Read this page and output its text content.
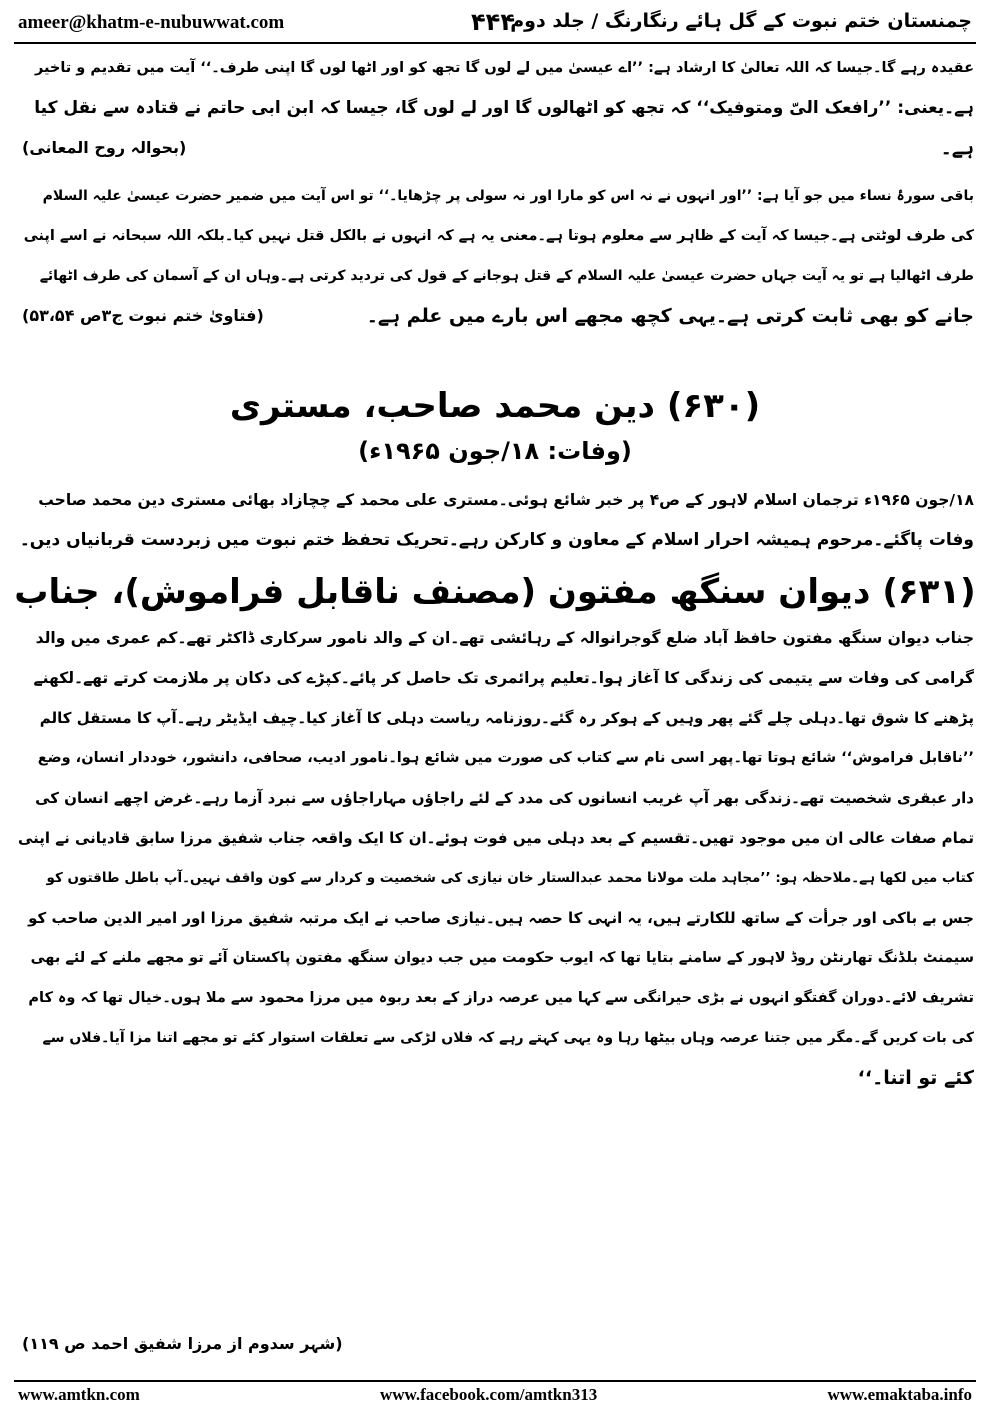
ameer@khatm-e-nubuwwat.com	۴۴۴
چمنستان ختم نبوت کے گل ہائے رنگارنگ / جلد دوم
عقیدہ رہے گا۔جیسا کہ اللہ تعالیٰ کا ارشاد ہے: ’’اے عیسیٰ میں لے لوں گا تجھ کو اور اٹھا لوں گا اپنی طرف۔‘‘ آیت میں تقدیم و تاخیر
ہے۔یعنی: ’’رافعک الیّ ومتوفیک‘‘ کہ تجھ کو اٹھالوں گا اور لے لوں گا، جیسا کہ ابن ابی حاتم نے قتادہ سے نقل کیا
ہے۔
(بحوالہ روح المعانی)
باقی سورۂ نساء میں جو آیا ہے: ’’اور انہوں نے نہ اس کو مارا اور نہ سولی پر چڑھایا۔‘‘ تو اس آیت میں ضمیر حضرت عیسیٰ علیہ السلام
کی طرف لوٹتی ہے۔جیسا کہ آیت کے ظاہر سے معلوم ہوتا ہے۔معنی یہ ہے کہ انہوں نے بالکل قتل نہیں کیا۔بلکہ اللہ سبحانہ نے اسے اپنی
طرف اٹھالیا ہے تو یہ آیت جہاں حضرت عیسیٰ علیہ السلام کے قتل ہوجانے کے قول کی تردید کرتی ہے۔وہاں ان کے آسمان کی طرف اٹھائے
جانے کو بھی ثابت کرتی ہے۔یہی کچھ مجھے اس بارے میں علم ہے۔
(فتاویٰ ختم نبوت ج۳ص ۵۳،۵۴)
(۶۳۰) دین محمد صاحب، مستری
(وفات: ۱۸/جون ۱۹۶۵ء)
۱۸/جون ۱۹۶۵ء ترجمان اسلام لاہور کے ص۴ پر خبر شائع ہوئی۔مستری علی محمد کے چچازاد بھائی مستری دین محمد صاحب
وفات پاگئے۔مرحوم ہمیشہ احرار اسلام کے معاون و کارکن رہے۔تحریک تحفظ ختم نبوت میں زبردست قربانیاں دیں۔
(۶۳۱) دیوان سنگھ مفتون (مصنف ناقابل فراموش)، جناب
جناب دیوان سنگھ مفتون حافظ آباد ضلع گوجرانوالہ کے رہائشی تھے۔ان کے والد نامور سرکاری ڈاکٹر تھے۔کم عمری میں والد
گرامی کی وفات سے یتیمی کی زندگی کا آغاز ہوا۔تعلیم پرائمری تک حاصل کر پائے۔کپڑے کی دکان پر ملازمت کرتے تھے۔لکھنے
پڑھنے کا شوق تھا۔دہلی چلے گئے پھر وہیں کے ہوکر رہ گئے۔روزنامہ ریاست دہلی کا آغاز کیا۔چیف ایڈیٹر رہے۔آپ کا مستقل کالم
’’ناقابل فراموش‘‘ شائع ہوتا تھا۔پھر اسی نام سے کتاب کی صورت میں شائع ہوا۔نامور ادیب، صحافی، دانشور، خوددار انسان، وضع
دار عبقری شخصیت تھے۔زندگی بھر آپ غریب انسانوں کی مدد کے لئے راجاؤں مہاراجاؤں سے نبرد آزما رہے۔غرض اچھے انسان کی
تمام صفات عالی ان میں موجود تھیں۔تقسیم کے بعد دہلی میں فوت ہوئے۔ان کا ایک واقعہ جناب شفیق مرزا سابق قادیانی نے اپنی
کتاب میں لکھا ہے۔ملاحظہ ہو: ’’مجاہد ملت مولانا محمد عبدالستار خان نیازی کی شخصیت و کردار سے کون واقف نہیں۔آپ باطل طاقتوں کو
جس بے باکی اور جرأت کے ساتھ للکارتے ہیں، یہ انہی کا حصہ ہیں۔نیازی صاحب نے ایک مرتبہ شفیق مرزا اور امیر الدین صاحب کو
سیمنٹ بلڈنگ تھارنٹن روڈ لاہور کے سامنے بتایا تھا کہ ایوب حکومت میں جب دیوان سنگھ مفتون پاکستان آئے تو مجھے ملنے کے لئے بھی
تشریف لائے۔دوران گفتگو انہوں نے بڑی حیرانگی سے کہا میں عرصہ دراز کے بعد ربوہ میں مرزا محمود سے ملا ہوں۔خیال تھا کہ وہ کام
کی بات کریں گے۔مگر میں جتنا عرصہ وہاں بیٹھا رہا وہ یہی کہتے رہے کہ فلاں لڑکی سے تعلقات استوار کئے تو مجھے اتنا مزا آیا۔فلاں سے
کئے تو اتنا۔‘‘
(شہر سدوم از مرزا شفیق احمد ص ۱۱۹)
www.amtkn.com	www.facebook.com/amtkn313	www.emaktaba.info
